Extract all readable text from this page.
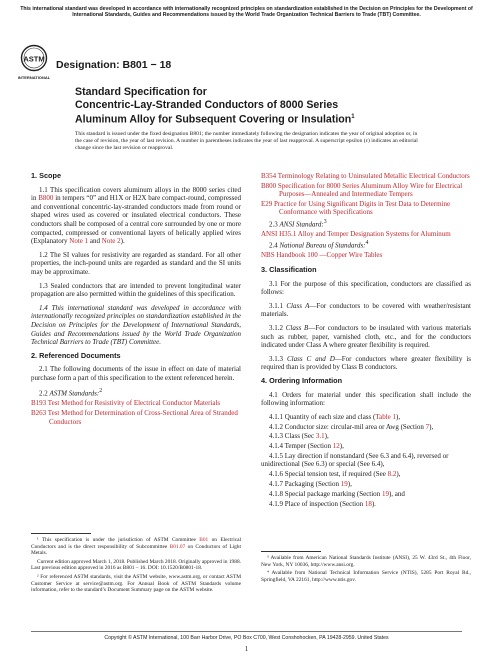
This international standard was developed in accordance with internationally recognized principles on standardization established in the Decision on Principles for the Development of International Standards, Guides and Recommendations issued by the World Trade Organization Technical Barriers to Trade (TBT) Committee.
ASTM
INTERNATIONAL
Designation: B801 − 18
Standard Specification for
Concentric-Lay-Stranded Conductors of 8000 Series
Aluminum Alloy for Subsequent Covering or Insulation$^1$
This standard is issued under the fixed designation B801; the number immediately following the designation indicates the year of original adoption or, in the case of revision, the year of last revision. A number in parentheses indicates the year of last reapproval. A superscript epsilon (ε) indicates an editorial change since the last revision or reapproval.
1. Scope
1.1 This specification covers aluminum alloys in the 8000 series cited in B800 in tempers “0” and H1X or H2X bare compact-round, compressed and conventional concentric-lay-stranded conductors made from round or shaped wires used as covered or insulated electrical conductors. These conductors shall be composed of a central core surrounded by one or more compacted, compressed or conventional layers of helically applied wires (Explanatory Note 1 and Note 2).
1.2 The SI values for resistivity are regarded as standard. For all other properties, the inch-pound units are regarded as standard and the SI units may be approximate.
1.3 Sealed conductors that are intended to prevent longitudinal water propagation are also permitted within the guidelines of this specification.
1.4 This international standard was developed in accordance with internationally recognized principles on standardization established in the Decision on Principles for the Development of International Standards, Guides and Recommendations issued by the World Trade Organization Technical Barriers to Trade (TBT) Committee.
2. Referenced Documents
2.1 The following documents of the issue in effect on date of material purchase form a part of this specification to the extent referenced herein.
2.2 ASTM Standards:$^2$
B193 Test Method for Resistivity of Electrical Conductor Materials
B263 Test Method for Determination of Cross-Sectional Area of Stranded Conductors
B354 Terminology Relating to Uninsulated Metallic Electrical Conductors
B800 Specification for 8000 Series Aluminum Alloy Wire for Electrical Purposes—Annealed and Intermediate Tempers
E29 Practice for Using Significant Digits in Test Data to Determine Conformance with Specifications
2.3 ANSI Standard:$^3$
ANSI H35.1 Alloy and Temper Designation Systems for Aluminum
2.4 National Bureau of Standards:$^4$
NBS Handbook 100 —Copper Wire Tables
3. Classification
3.1 For the purpose of this specification, conductors are classified as follows:
3.1.1 Class A—For conductors to be covered with weather/resistant materials.
3.1.2 Class B—For conductors to be insulated with various materials such as rubber, paper, varnished cloth, etc., and for the conductors indicated under Class A where greater flexibility is required.
3.1.3 Class C and D—For conductors where greater flexibility is required than is provided by Class B conductors.
4. Ordering Information
4.1 Orders for material under this specification shall include the following information:
4.1.1 Quantity of each size and class (Table 1),
4.1.2 Conductor size: circular-mil area or Awg (Section 7),
4.1.3 Class (Sec 3.1),
4.1.4 Temper (Section 12),
4.1.5 Lay direction if nonstandard (See 6.3 and 6.4), reversed or unidirectional (See 6.3) or special (See 6.4),
4.1.6 Special tension test, if required (See 8.2),
4.1.7 Packaging (Section 19),
4.1.8 Special package marking (Section 19), and
4.1.9 Place of inspection (Section 18).

¹ This specification is under the jurisdiction of ASTM Committee B01 on Electrical Conductors and is the direct responsibility of Subcommittee B01.07 on Conductors of Light Metals.

Current edition approved March 1, 2018. Published March 2018. Originally approved in 1988. Last previous edition approved in 2016 as B801 – 16. DOI: 10.1520/B0801-18.

² For referenced ASTM standards, visit the ASTM website, www.astm.org, or contact ASTM Customer Service at service@astm.org. For Annual Book of ASTM Standards volume information, refer to the standard’s Document Summary page on the ASTM website.

³ Available from American National Standards Institute (ANSI), 25 W. 43rd St., 4th Floor, New York, NY 10036, http://www.ansi.org.

⁴ Available from National Technical Information Service (NTIS), 5285 Port Royal Rd., Springfield, VA 22161, http://www.ntis.gov.

Copyright © ASTM International, 100 Barr Harbor Drive, PO Box C700, West Conshohocken, PA 19428-2959. United States
1
